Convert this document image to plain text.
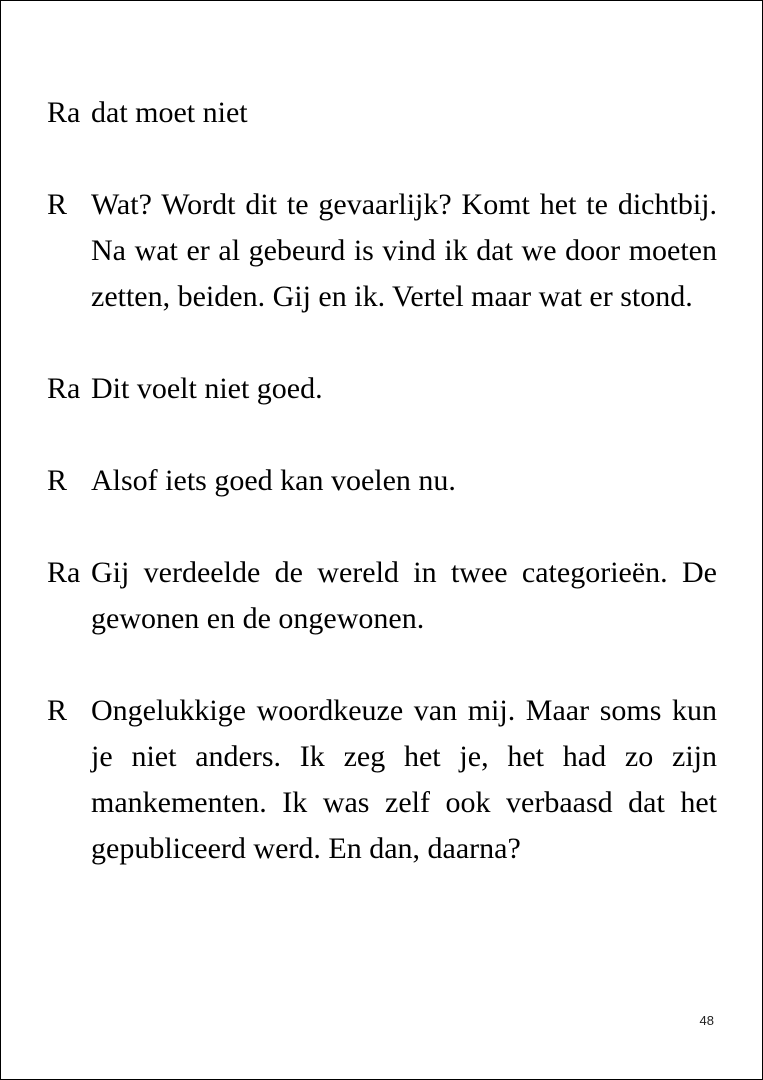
Ra dat moet niet
R Wat? Wordt dit te gevaarlijk? Komt het te dichtbij. Na wat er al gebeurd is vind ik dat we door moeten zetten, beiden. Gij en ik. Vertel maar wat er stond.
Ra Dit voelt niet goed.
R Alsof iets goed kan voelen nu.
Ra Gij verdeelde de wereld in twee categorieën. De gewonen en de ongewonen.
R Ongelukkige woordkeuze van mij. Maar soms kun je niet anders. Ik zeg het je, het had zo zijn mankementen. Ik was zelf ook verbaasd dat het gepubliceerd werd. En dan, daarna?
48
